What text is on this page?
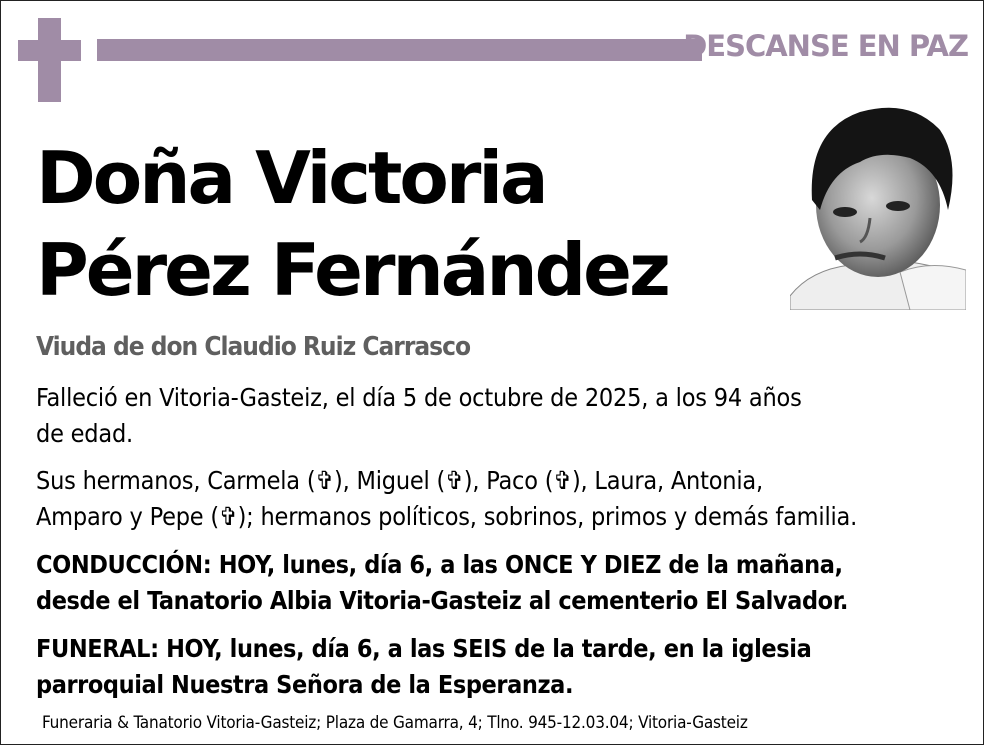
DESCANSE EN PAZ
Doña Victoria
Pérez Fernández
Viuda de don Claudio Ruiz Carrasco
Falleció en Vitoria-Gasteiz, el día 5 de octubre de 2025, a los 94 años
de edad.
Sus hermanos, Carmela (✞), Miguel (✞), Paco (✞), Laura, Antonia,
Amparo y Pepe (✞); hermanos políticos, sobrinos, primos y demás familia.
CONDUCCIÓN: HOY, lunes, día 6, a las ONCE Y DIEZ de la mañana,
desde el Tanatorio Albia Vitoria-Gasteiz al cementerio El Salvador.
FUNERAL: HOY, lunes, día 6, a las SEIS de la tarde, en la iglesia
parroquial Nuestra Señora de la Esperanza.
Funeraria & Tanatorio Vitoria-Gasteiz; Plaza de Gamarra, 4; Tlno. 945-12.03.04; Vitoria-Gasteiz
